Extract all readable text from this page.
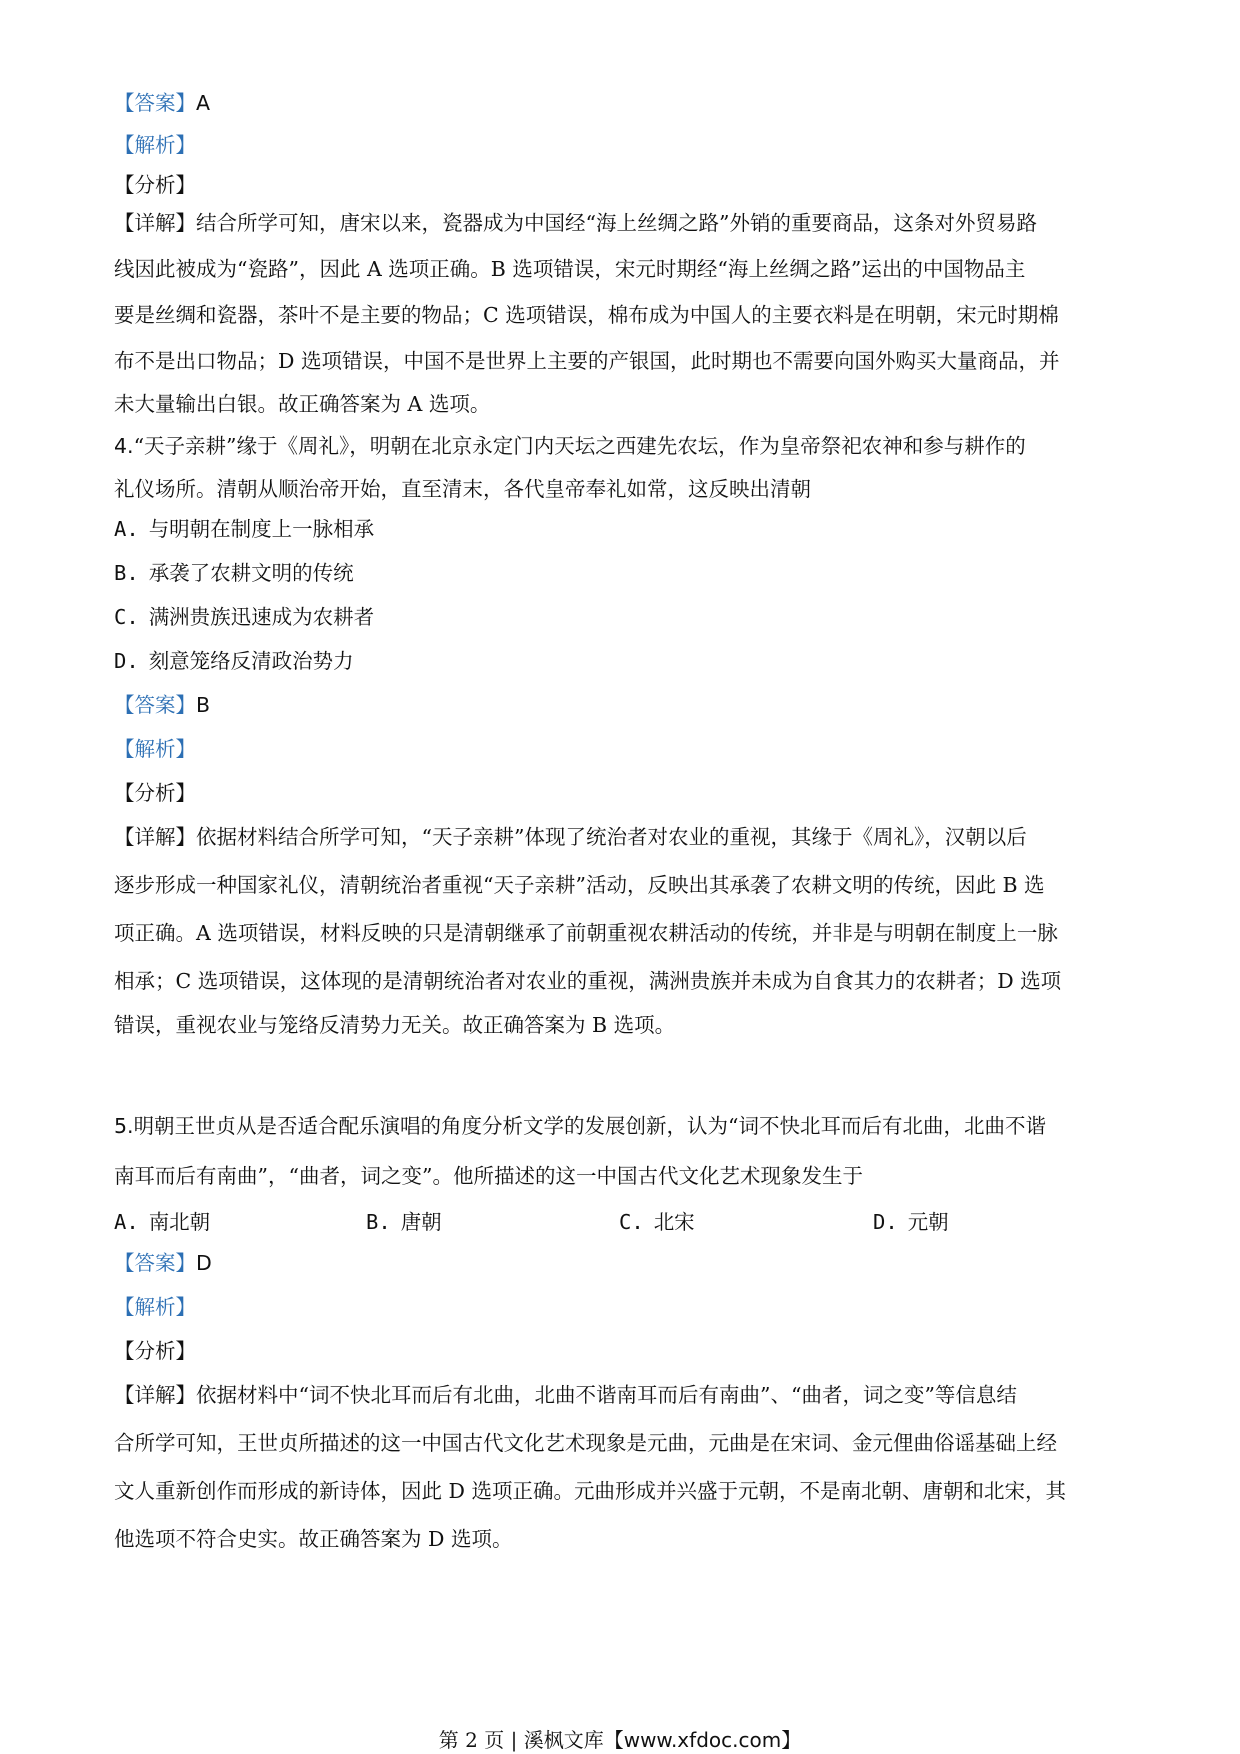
【答案】A
【解析】
【分析】
【详解】结合所学可知，唐宋以来，瓷器成为中国经“海上丝绸之路”外销的重要商品，这条对外贸易路
线因此被成为“瓷路”，因此 A 选项正确。B 选项错误，宋元时期经“海上丝绸之路”运出的中国物品主
要是丝绸和瓷器，茶叶不是主要的物品；C 选项错误，棉布成为中国人的主要衣料是在明朝，宋元时期棉
布不是出口物品；D 选项错误，中国不是世界上主要的产银国，此时期也不需要向国外购买大量商品，并
未大量输出白银。故正确答案为 A 选项。
4.“天子亲耕”缘于《周礼》，明朝在北京永定门内天坛之西建先农坛，作为皇帝祭祀农神和参与耕作的
礼仪场所。清朝从顺治帝开始，直至清末，各代皇帝奉礼如常，这反映出清朝
A. 与明朝在制度上一脉相承
B. 承袭了农耕文明的传统
C. 满洲贵族迅速成为农耕者
D. 刻意笼络反清政治势力
【答案】B
【解析】
【分析】
【详解】依据材料结合所学可知，“天子亲耕”体现了统治者对农业的重视，其缘于《周礼》，汉朝以后
逐步形成一种国家礼仪，清朝统治者重视“天子亲耕”活动，反映出其承袭了农耕文明的传统，因此 B 选
项正确。A 选项错误，材料反映的只是清朝继承了前朝重视农耕活动的传统，并非是与明朝在制度上一脉
相承；C 选项错误，这体现的是清朝统治者对农业的重视，满洲贵族并未成为自食其力的农耕者；D 选项
错误，重视农业与笼络反清势力无关。故正确答案为 B 选项。
5.明朝王世贞从是否适合配乐演唱的角度分析文学的发展创新，认为“词不快北耳而后有北曲，北曲不谐
南耳而后有南曲”，“曲者，词之变”。他所描述的这一中国古代文化艺术现象发生于
A. 南北朝	B. 唐朝	C. 北宋	D. 元朝
【答案】D
【解析】
【分析】
【详解】依据材料中“词不快北耳而后有北曲，北曲不谐南耳而后有南曲”、“曲者，词之变”等信息结
合所学可知，王世贞所描述的这一中国古代文化艺术现象是元曲，元曲是在宋词、金元俚曲俗谣基础上经
文人重新创作而形成的新诗体，因此 D 选项正确。元曲形成并兴盛于元朝，不是南北朝、唐朝和北宋，其
他选项不符合史实。故正确答案为 D 选项。
第 2 页 | 溪枫文库【www.xfdoc.com】
